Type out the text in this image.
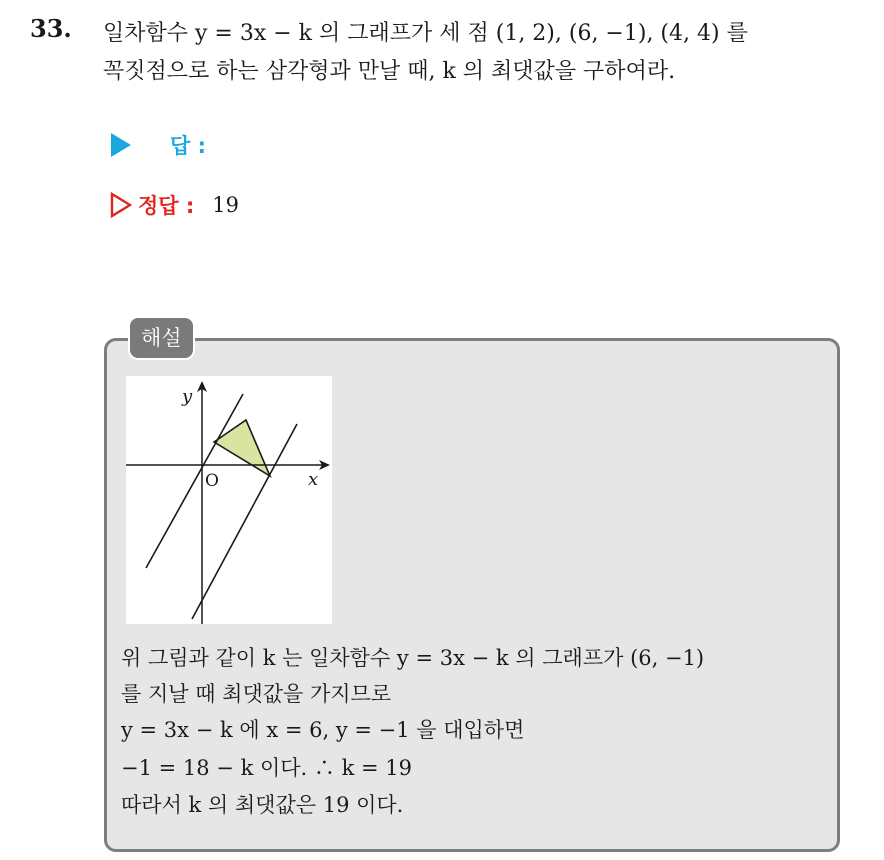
33. 일차함수 y = 3x − k 의 그래프가 세 점 (1, 2), (6, −1), (4, 4) 를
꼭짓점으로 하는 삼각형과 만날 때, k 의 최댓값을 구하여라.
답 :
정답 : 19
해설
y
O	x
위 그림과 같이 k 는 일차함수 y = 3x − k 의 그래프가 (6, −1)
를 지날 때 최댓값을 가지므로
y = 3x − k 에 x = 6, y = −1 을 대입하면
−1 = 18 − k 이다. ∴ k = 19
따라서 k 의 최댓값은 19 이다.
